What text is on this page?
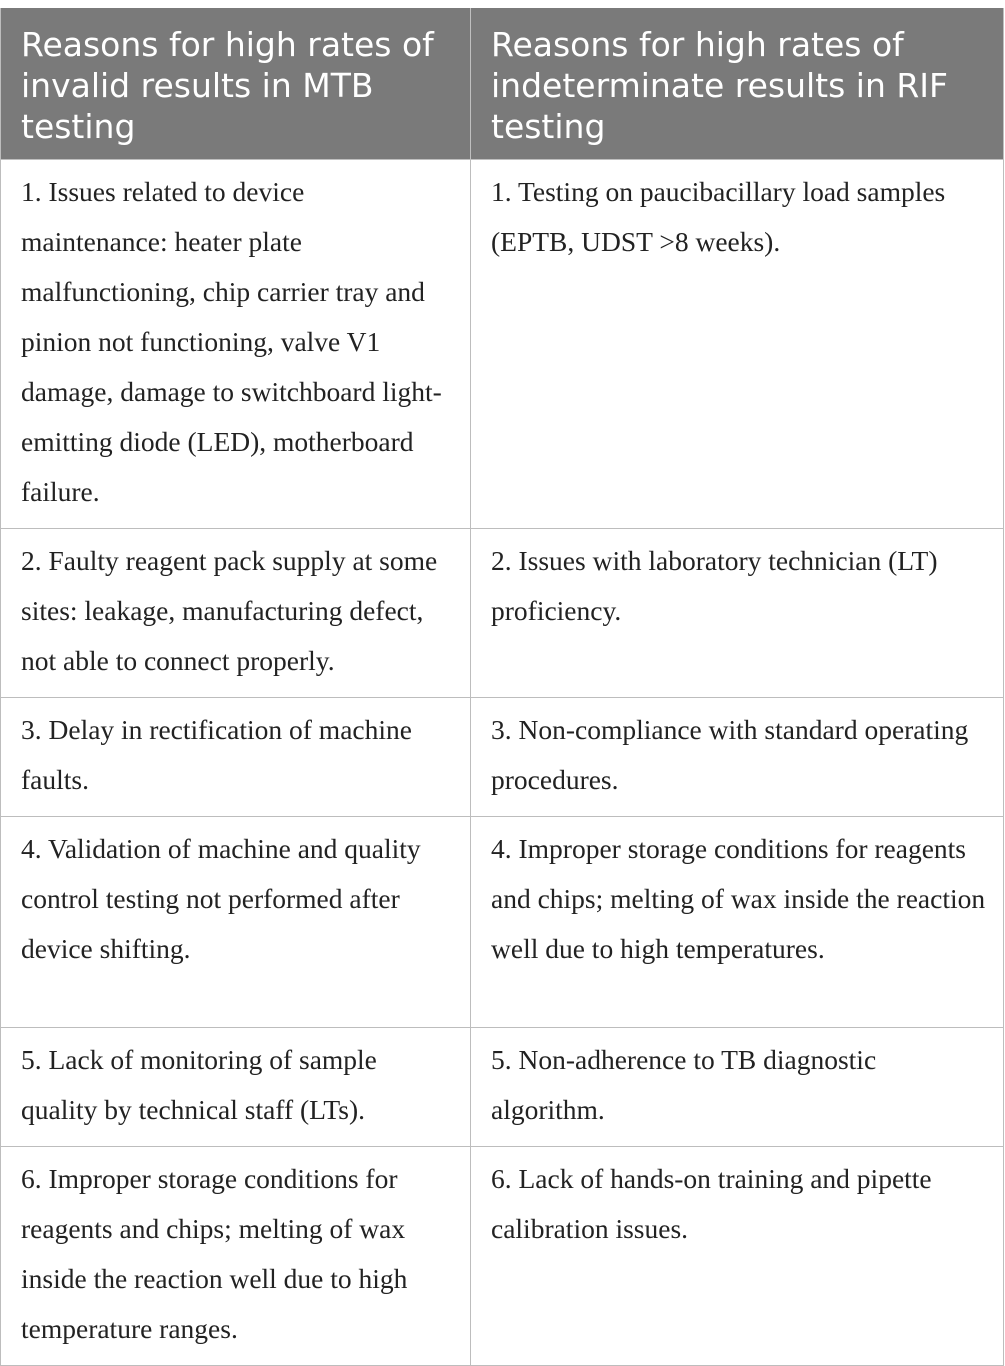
Reasons for high rates of invalid results in MTB testing	Reasons for high rates of indeterminate results in RIF testing
1. Issues related to device maintenance: heater plate malfunctioning, chip carrier tray and pinion not functioning, valve V1 damage, damage to switchboard light-emitting diode (LED), motherboard failure.	1. Testing on paucibacillary load samples (EPTB, UDST >8 weeks).
2. Faulty reagent pack supply at some sites: leakage, manufacturing defect, not able to connect properly.	2. Issues with laboratory technician (LT) proficiency.
3. Delay in rectification of machine faults.	3. Non-compliance with standard operating procedures.
4. Validation of machine and quality control testing not performed after device shifting.	4. Improper storage conditions for reagents and chips; melting of wax inside the reaction well due to high temperatures.
5. Lack of monitoring of sample quality by technical staff (LTs).	5. Non-adherence to TB diagnostic algorithm.
6. Improper storage conditions for reagents and chips; melting of wax inside the reaction well due to high temperature ranges.	6. Lack of hands-on training and pipette calibration issues.
